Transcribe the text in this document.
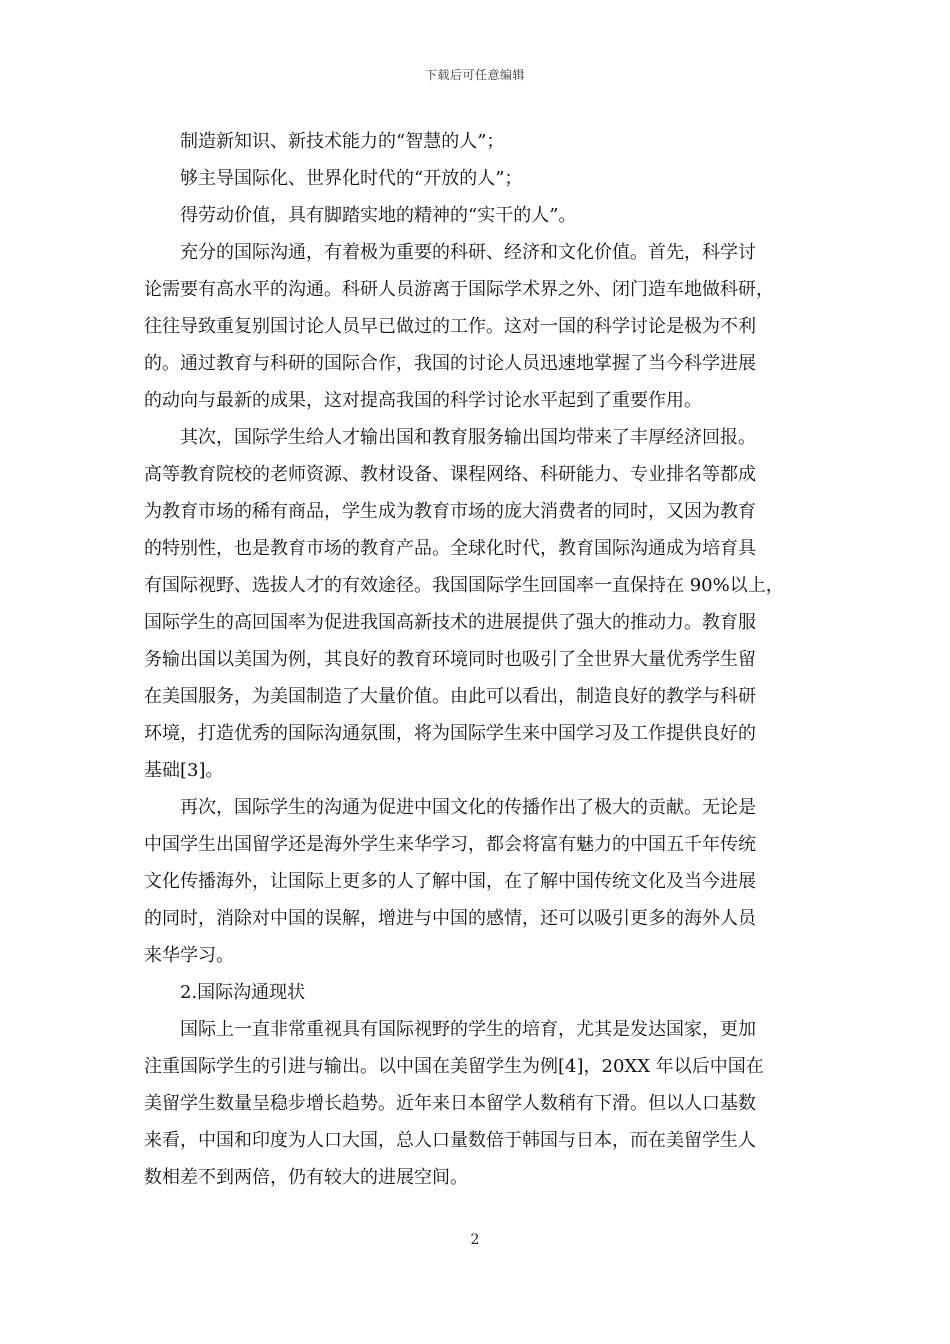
下载后可任意编辑
制造新知识、新技术能力的“智慧的人”；
够主导国际化、世界化时代的“开放的人”；
得劳动价值，具有脚踏实地的精神的“实干的人”。
充分的国际沟通，有着极为重要的科研、经济和文化价值。首先，科学讨
论需要有高水平的沟通。科研人员游离于国际学术界之外、闭门造车地做科研，
往往导致重复别国讨论人员早已做过的工作。这对一国的科学讨论是极为不利
的。通过教育与科研的国际合作，我国的讨论人员迅速地掌握了当今科学进展
的动向与最新的成果，这对提高我国的科学讨论水平起到了重要作用。
其次，国际学生给人才输出国和教育服务输出国均带来了丰厚经济回报。
高等教育院校的老师资源、教材设备、课程网络、科研能力、专业排名等都成
为教育市场的稀有商品，学生成为教育市场的庞大消费者的同时，又因为教育
的特别性，也是教育市场的教育产品。全球化时代，教育国际沟通成为培育具
有国际视野、选拔人才的有效途径。我国国际学生回国率一直保持在 90%以上，
国际学生的高回国率为促进我国高新技术的进展提供了强大的推动力。教育服
务输出国以美国为例，其良好的教育环境同时也吸引了全世界大量优秀学生留
在美国服务，为美国制造了大量价值。由此可以看出，制造良好的教学与科研
环境，打造优秀的国际沟通氛围，将为国际学生来中国学习及工作提供良好的
基础[3]。
再次，国际学生的沟通为促进中国文化的传播作出了极大的贡献。无论是
中国学生出国留学还是海外学生来华学习，都会将富有魅力的中国五千年传统
文化传播海外，让国际上更多的人了解中国，在了解中国传统文化及当今进展
的同时，消除对中国的误解，增进与中国的感情，还可以吸引更多的海外人员
来华学习。
2.国际沟通现状
国际上一直非常重视具有国际视野的学生的培育，尤其是发达国家，更加
注重国际学生的引进与输出。以中国在美留学生为例[4]，20XX 年以后中国在
美留学生数量呈稳步增长趋势。近年来日本留学人数稍有下滑。但以人口基数
来看，中国和印度为人口大国，总人口量数倍于韩国与日本，而在美留学生人
数相差不到两倍，仍有较大的进展空间。
2
